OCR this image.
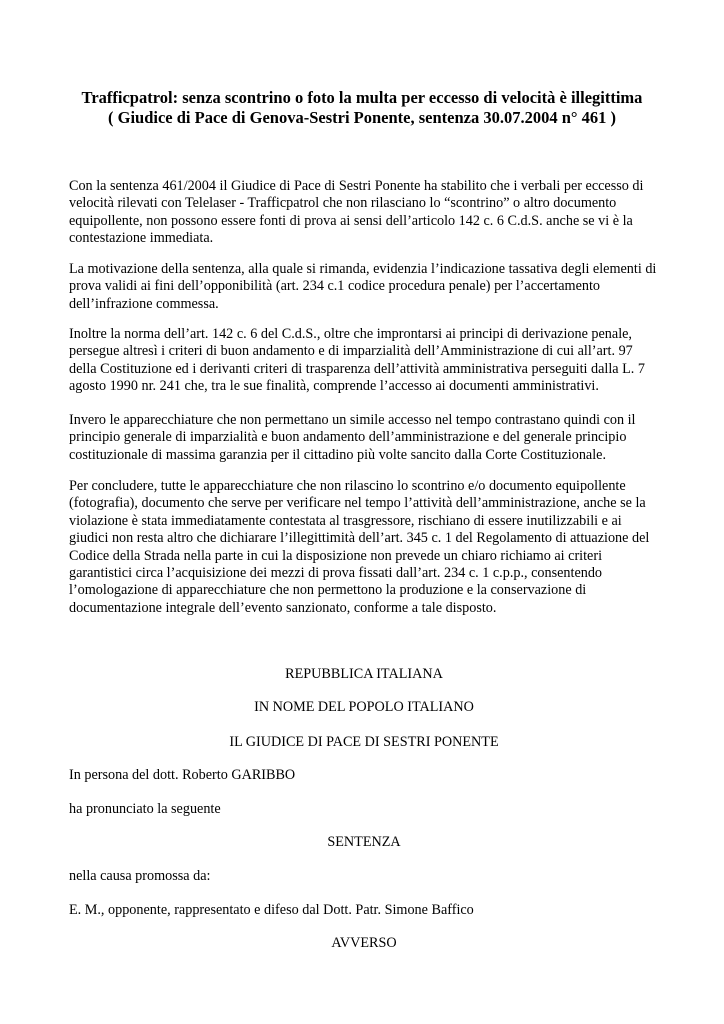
Trafficpatrol: senza scontrino o foto la multa per eccesso di velocità è illegittima
( Giudice di Pace di Genova-Sestri Ponente, sentenza 30.07.2004 n° 461 )

Con la sentenza 461/2004 il Giudice di Pace di Sestri Ponente ha stabilito che i verbali per eccesso di velocità rilevati con Telelaser - Trafficpatrol che non rilasciano lo “scontrino” o altro documento equipollente, non possono essere fonti di prova ai sensi dell’articolo 142 c. 6 C.d.S. anche se vi è la contestazione immediata.

La motivazione della sentenza, alla quale si rimanda, evidenzia l’indicazione tassativa degli elementi di prova validi ai fini dell’opponibilità (art. 234 c.1 codice procedura penale) per l’accertamento dell’infrazione commessa.

Inoltre la norma dell’art. 142 c. 6 del C.d.S., oltre che improntarsi ai principi di derivazione penale, persegue altresì i criteri di buon andamento e di imparzialità dell’Amministrazione di cui all’art. 97 della Costituzione ed i derivanti criteri di trasparenza dell’attività amministrativa perseguiti dalla L. 7 agosto 1990 nr. 241 che, tra le sue finalità, comprende l’accesso ai documenti amministrativi.

Invero le apparecchiature che non permettano un simile accesso nel tempo contrastano quindi con il principio generale di imparzialità e buon andamento dell’amministrazione e del generale principio costituzionale di massima garanzia per il cittadino più volte sancito dalla Corte Costituzionale.

Per concludere, tutte le apparecchiature che non rilascino lo scontrino e/o documento equipollente (fotografia), documento che serve per verificare nel tempo l’attività dell’amministrazione, anche se la violazione è stata immediatamente contestata al trasgressore, rischiano di essere inutilizzabili e ai giudici non resta altro che dichiarare l’illegittimità dell’art. 345 c. 1 del Regolamento di attuazione del Codice della Strada nella parte in cui la disposizione non prevede un chiaro richiamo ai criteri garantistici circa l’acquisizione dei mezzi di prova fissati dall’art. 234 c. 1 c.p.p., consentendo l’omologazione di apparecchiature che non permettono la produzione e la conservazione di documentazione integrale dell’evento sanzionato, conforme a tale disposto.

REPUBBLICA ITALIANA

IN NOME DEL POPOLO ITALIANO

IL GIUDICE DI PACE DI SESTRI PONENTE

In persona del dott. Roberto GARIBBO

ha pronunciato la seguente

SENTENZA

nella causa promossa da:

E. M., opponente, rappresentato e difeso dal Dott. Patr. Simone Baffico

AVVERSO
